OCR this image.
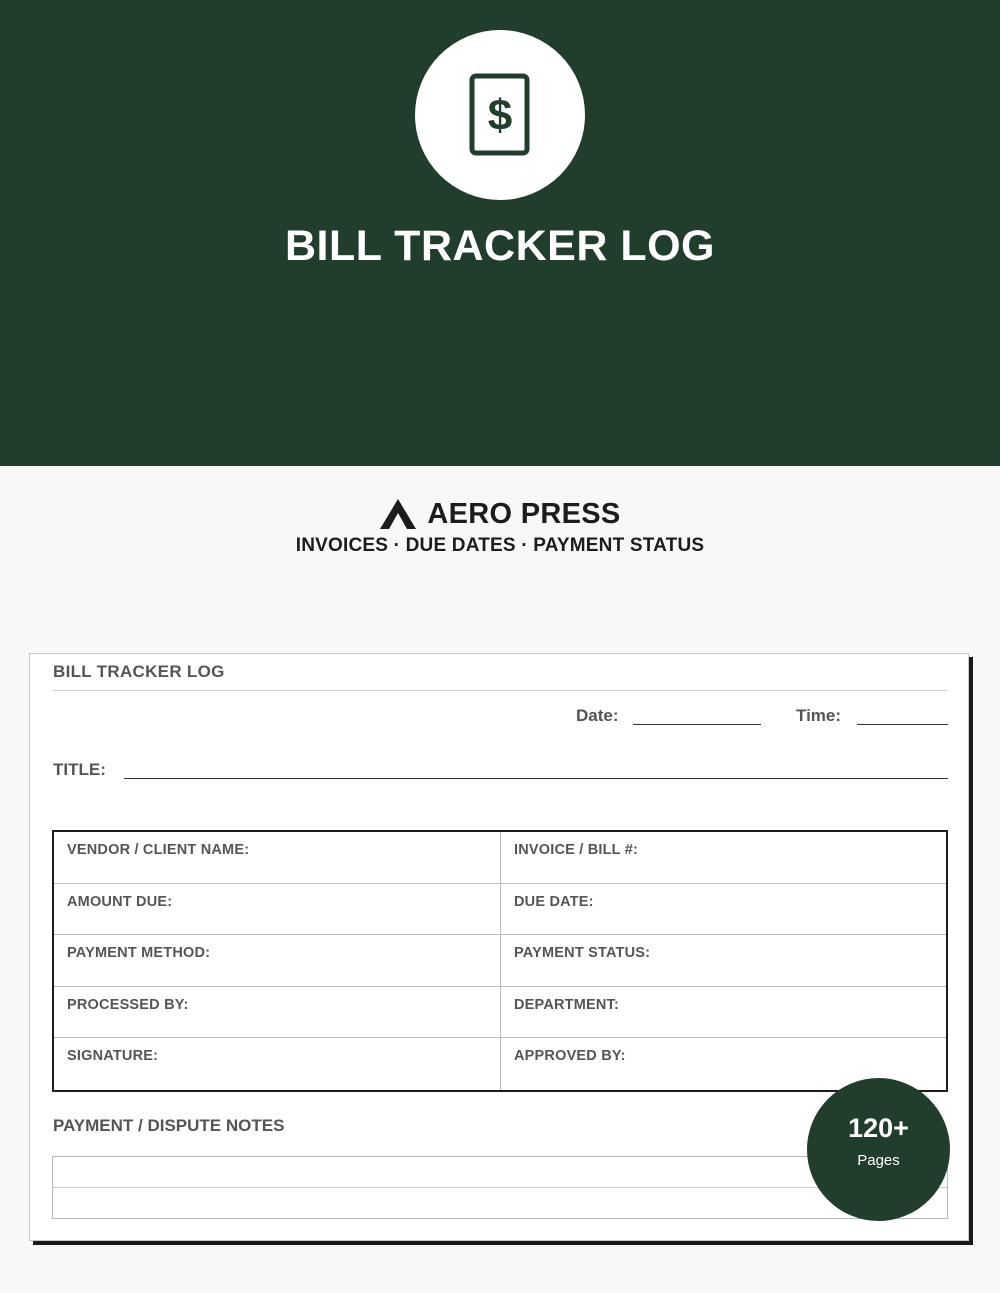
$
BILL TRACKER LOG
AERO PRESS
INVOICES · DUE DATES · PAYMENT STATUS
BILL TRACKER LOG
Date:	Time:
TITLE:
VENDOR / CLIENT NAME:	INVOICE / BILL #:
AMOUNT DUE:	DUE DATE:
PAYMENT METHOD:	PAYMENT STATUS:
PROCESSED BY:	DEPARTMENT:
SIGNATURE:	APPROVED BY:
PAYMENT / DISPUTE NOTES	120+
Pages
